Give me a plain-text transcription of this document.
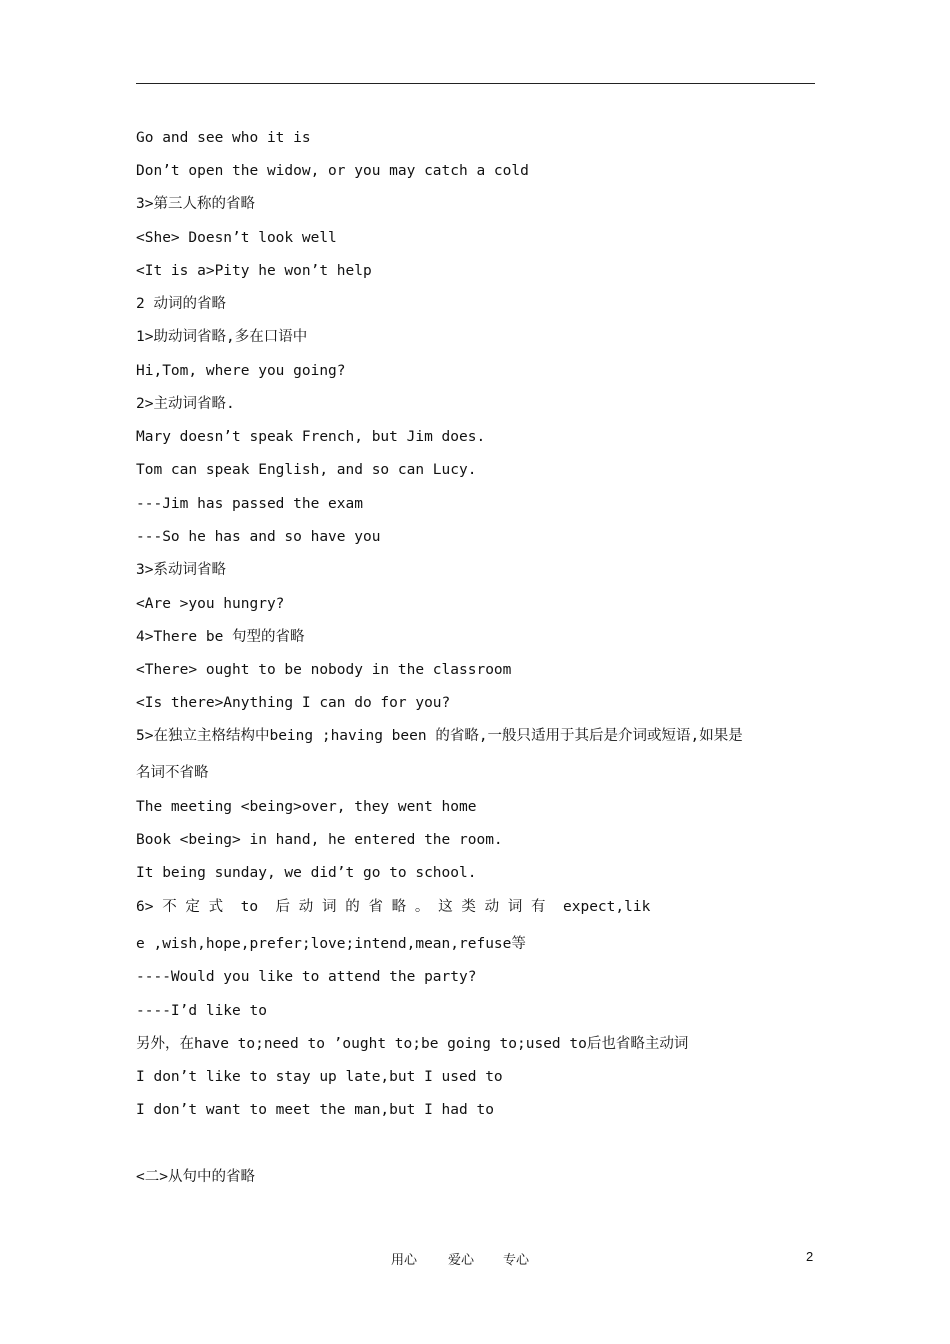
Go and see who it is
Don’t open the widow, or you may catch a cold
3>第三人称的省略
<She> Doesn’t look well
<It is a>Pity he won’t help
2 动词的省略
1>助动词省略,多在口语中
Hi,Tom, where you going?
2>主动词省略.
Mary doesn’t speak French, but Jim does.
Tom can speak English, and so can Lucy.
---Jim has passed the exam
---So he has and so have you
3>系动词省略
<Are >you hungry?
4>There be 句型的省略
<There> ought to be nobody in the classroom
<Is there>Anything I can do for you?
5>在独立主格结构中being ;having been 的省略,一般只适用于其后是介词或短语,如果是
名词不省略
The meeting <being>over, they went home
Book <being> in hand, he entered the room.
It being sunday, we did’t go to school.
6> 不 定 式  to  后 动 词 的 省 略 。 这 类 动 词 有  expect,lik
e ,wish,hope,prefer;love;intend,mean,refuse等
----Would you like to attend the party?
----I’d like to
另外，在have to;need to ’ought to;be going to;used to后也省略主动词
I don’t like to stay up late,but I used to
I don’t want to meet the man,but I had to
<二>从句中的省略
用心 爱心 专心	2
